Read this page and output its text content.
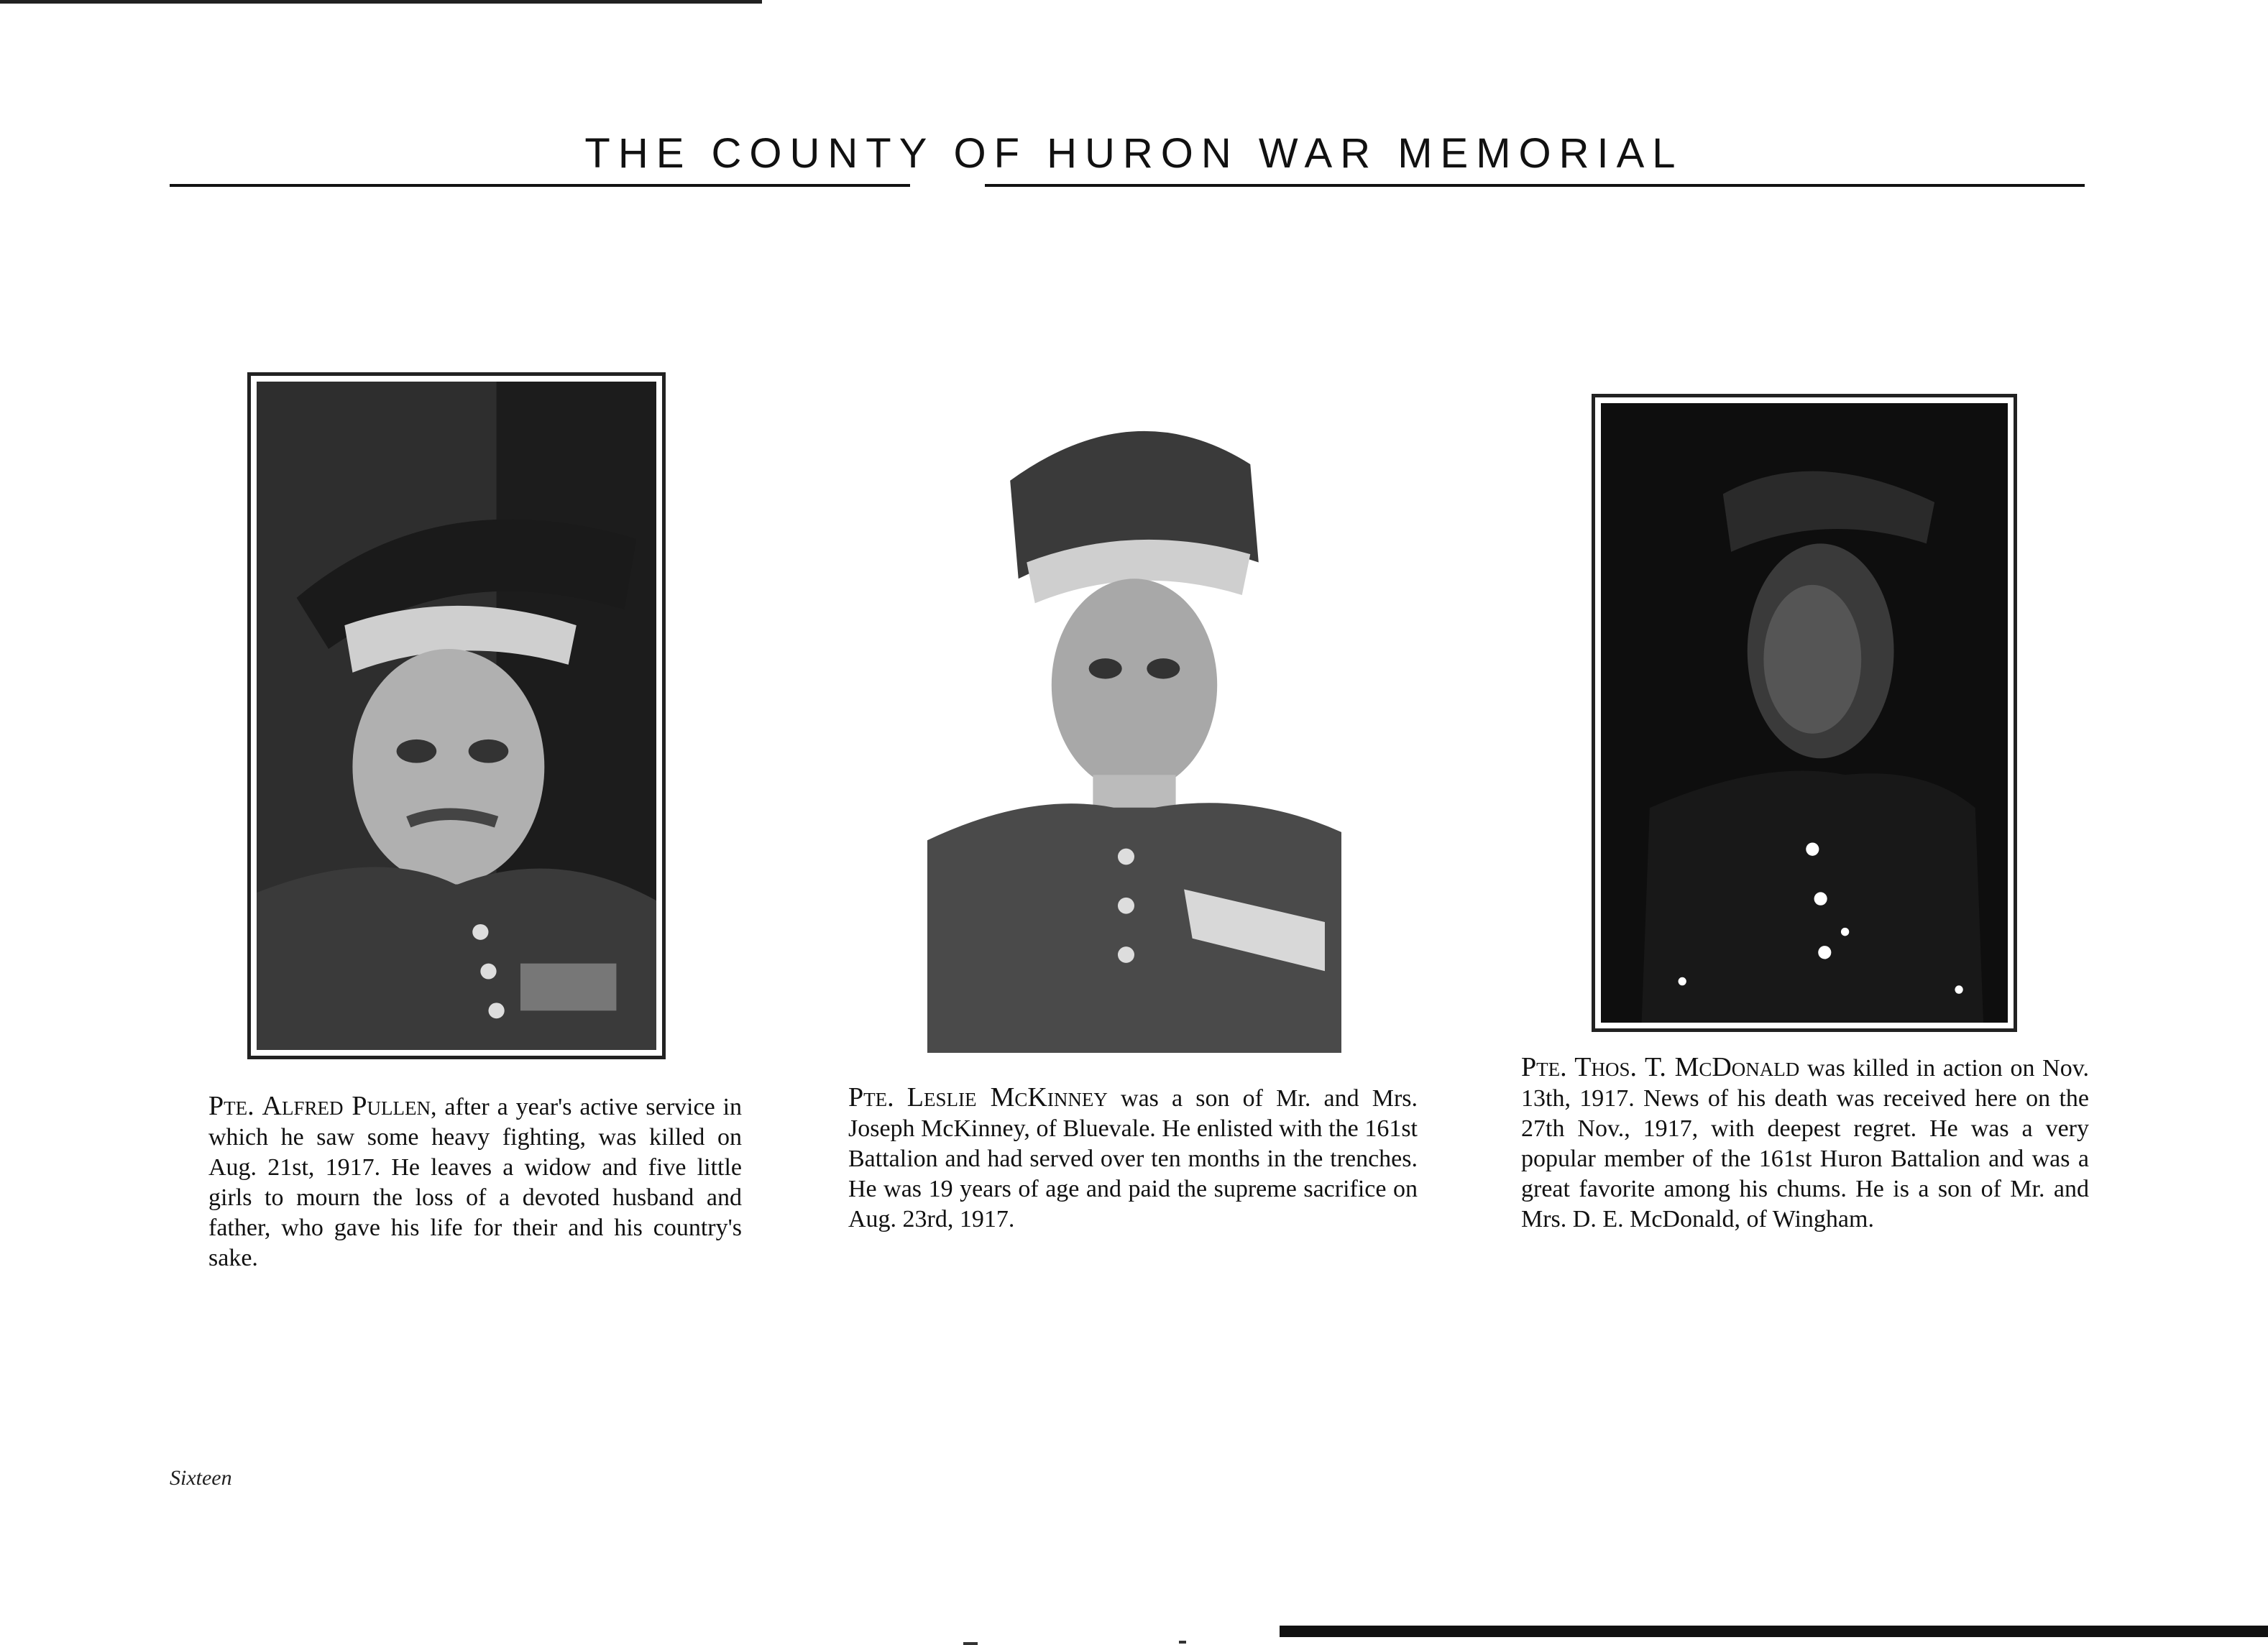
THE COUNTY OF HURON WAR MEMORIAL
Pte. Alfred Pullen, after a year's active service in which he saw some heavy fighting, was killed on Aug. 21st, 1917. He leaves a widow and five little girls to mourn the loss of a devoted husband and father, who gave his life for their and his country's sake.
Pte. Leslie McKinney was a son of Mr. and Mrs. Joseph McKinney, of Bluevale. He enlisted with the 161st Battalion and had served over ten months in the trenches. He was 19 years of age and paid the supreme sacrifice on Aug. 23rd, 1917.
Pte. Thos. T. McDonald was killed in action on Nov. 13th, 1917. News of his death was received here on the 27th Nov., 1917, with deepest regret. He was a very popular member of the 161st Huron Battalion and was a great favorite among his chums. He is a son of Mr. and Mrs. D. E. McDonald, of Wingham.
Sixteen
